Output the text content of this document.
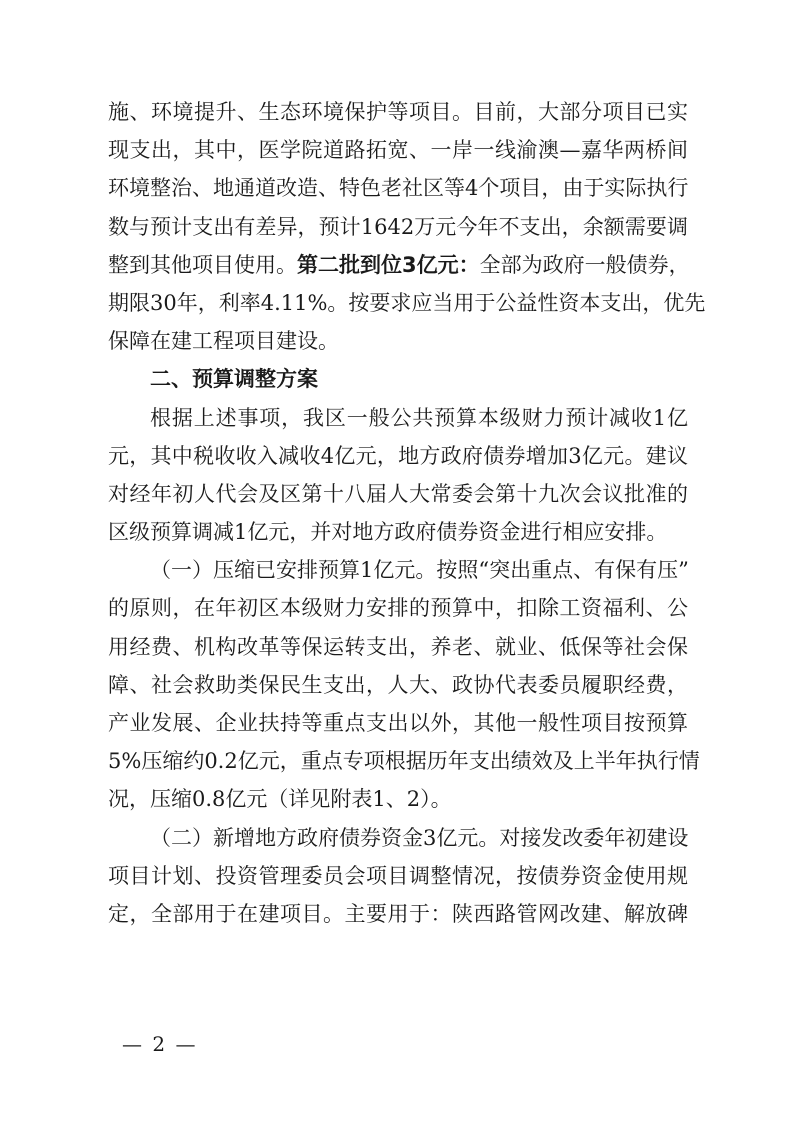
施、环境提升、生态环境保护等项目。目前，大部分项目已实
现支出，其中，医学院道路拓宽、一岸一线渝澳—嘉华两桥间
环境整治、地通道改造、特色老社区等4个项目，由于实际执行
数与预计支出有差异，预计1642万元今年不支出，余额需要调
整到其他项目使用。第二批到位3亿元：全部为政府一般债券，
期限30年，利率4.11%。按要求应当用于公益性资本支出，优先
保障在建工程项目建设。
二、预算调整方案
根据上述事项，我区一般公共预算本级财力预计减收1亿
元，其中税收收入减收4亿元，地方政府债券增加3亿元。建议
对经年初人代会及区第十八届人大常委会第十九次会议批准的
区级预算调减1亿元，并对地方政府债券资金进行相应安排。
（一）压缩已安排预算1亿元。按照“突出重点、有保有压”
的原则，在年初区本级财力安排的预算中，扣除工资福利、公
用经费、机构改革等保运转支出，养老、就业、低保等社会保
障、社会救助类保民生支出，人大、政协代表委员履职经费，
产业发展、企业扶持等重点支出以外，其他一般性项目按预算
5%压缩约0.2亿元，重点专项根据历年支出绩效及上半年执行情
况，压缩0.8亿元（详见附表1、2）。
（二）新增地方政府债券资金3亿元。对接发改委年初建设
项目计划、投资管理委员会项目调整情况，按债券资金使用规
定，全部用于在建项目。主要用于：陕西路管网改建、解放碑
— 2 —
